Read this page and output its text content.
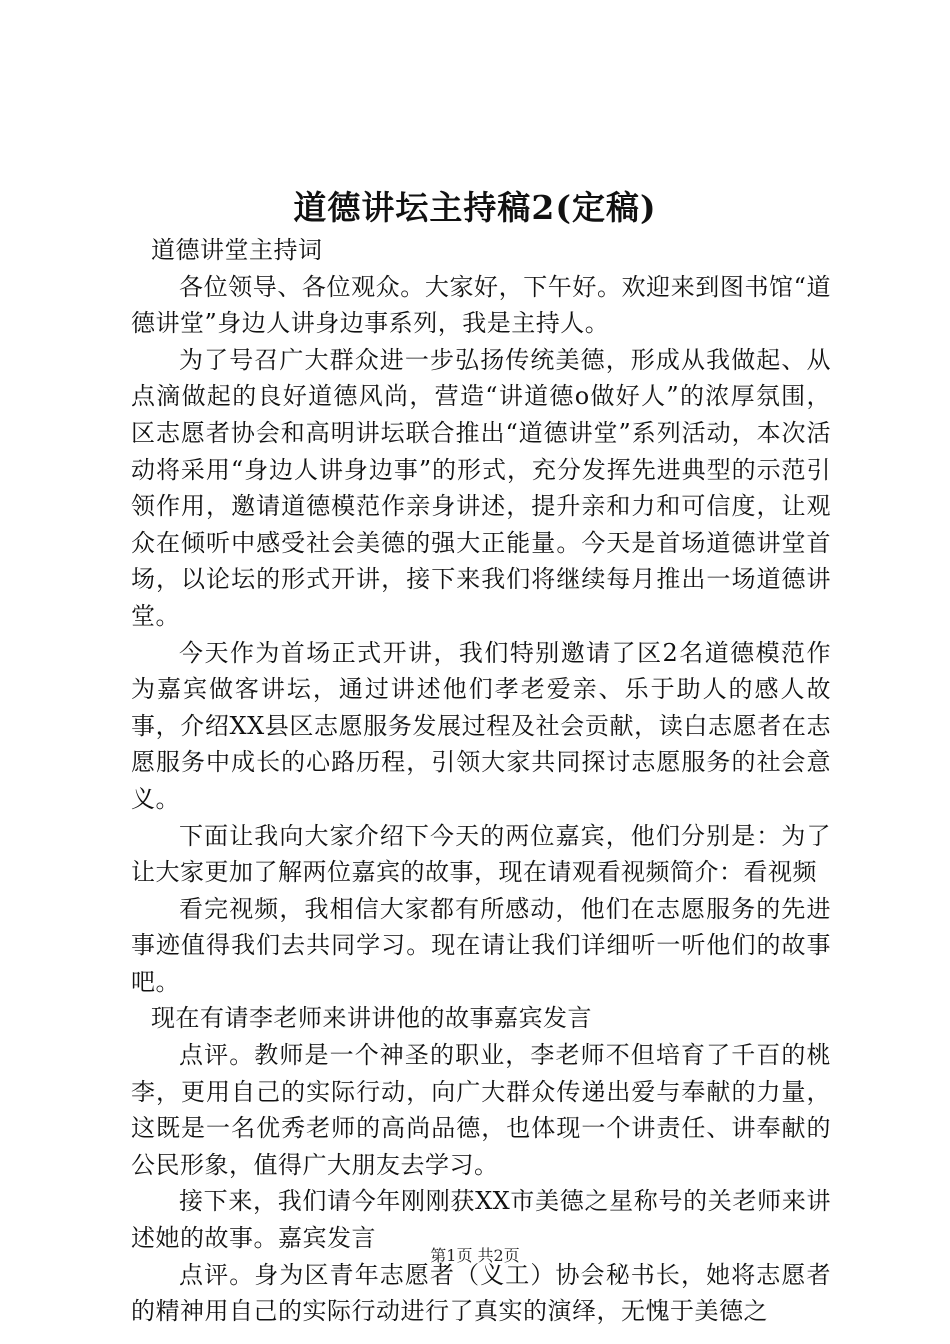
道德讲坛主持稿2(定稿)

道德讲堂主持词

各位领导、各位观众。大家好，下午好。欢迎来到图书馆“道德讲堂”身边人讲身边事系列，我是主持人。

为了号召广大群众进一步弘扬传统美德，形成从我做起、从点滴做起的良好道德风尚，营造“讲道德o做好人”的浓厚氛围，区志愿者协会和高明讲坛联合推出“道德讲堂”系列活动，本次活动将采用“身边人讲身边事”的形式，充分发挥先进典型的示范引领作用，邀请道德模范作亲身讲述，提升亲和力和可信度，让观众在倾听中感受社会美德的强大正能量。今天是首场道德讲堂首场，以论坛的形式开讲，接下来我们将继续每月推出一场道德讲堂。

今天作为首场正式开讲，我们特别邀请了区2名道德模范作为嘉宾做客讲坛，通过讲述他们孝老爱亲、乐于助人的感人故事，介绍XX县区志愿服务发展过程及社会贡献，读白志愿者在志愿服务中成长的心路历程，引领大家共同探讨志愿服务的社会意义。

下面让我向大家介绍下今天的两位嘉宾，他们分别是：为了让大家更加了解两位嘉宾的故事，现在请观看视频简介：看视频

看完视频，我相信大家都有所感动，他们在志愿服务的先进事迹值得我们去共同学习。现在请让我们详细听一听他们的故事吧。

现在有请李老师来讲讲他的故事嘉宾发言

点评。教师是一个神圣的职业，李老师不但培育了千百的桃李，更用自己的实际行动，向广大群众传递出爱与奉献的力量，这既是一名优秀老师的高尚品德，也体现一个讲责任、讲奉献的公民形象，值得广大朋友去学习。

接下来，我们请今年刚刚获XX市美德之星称号的关老师来讲述她的故事。嘉宾发言

点评。身为区青年志愿者（义工）协会秘书长，她将志愿者的精神用自己的实际行动进行了真实的演绎，无愧于美德之

第1页 共2页
